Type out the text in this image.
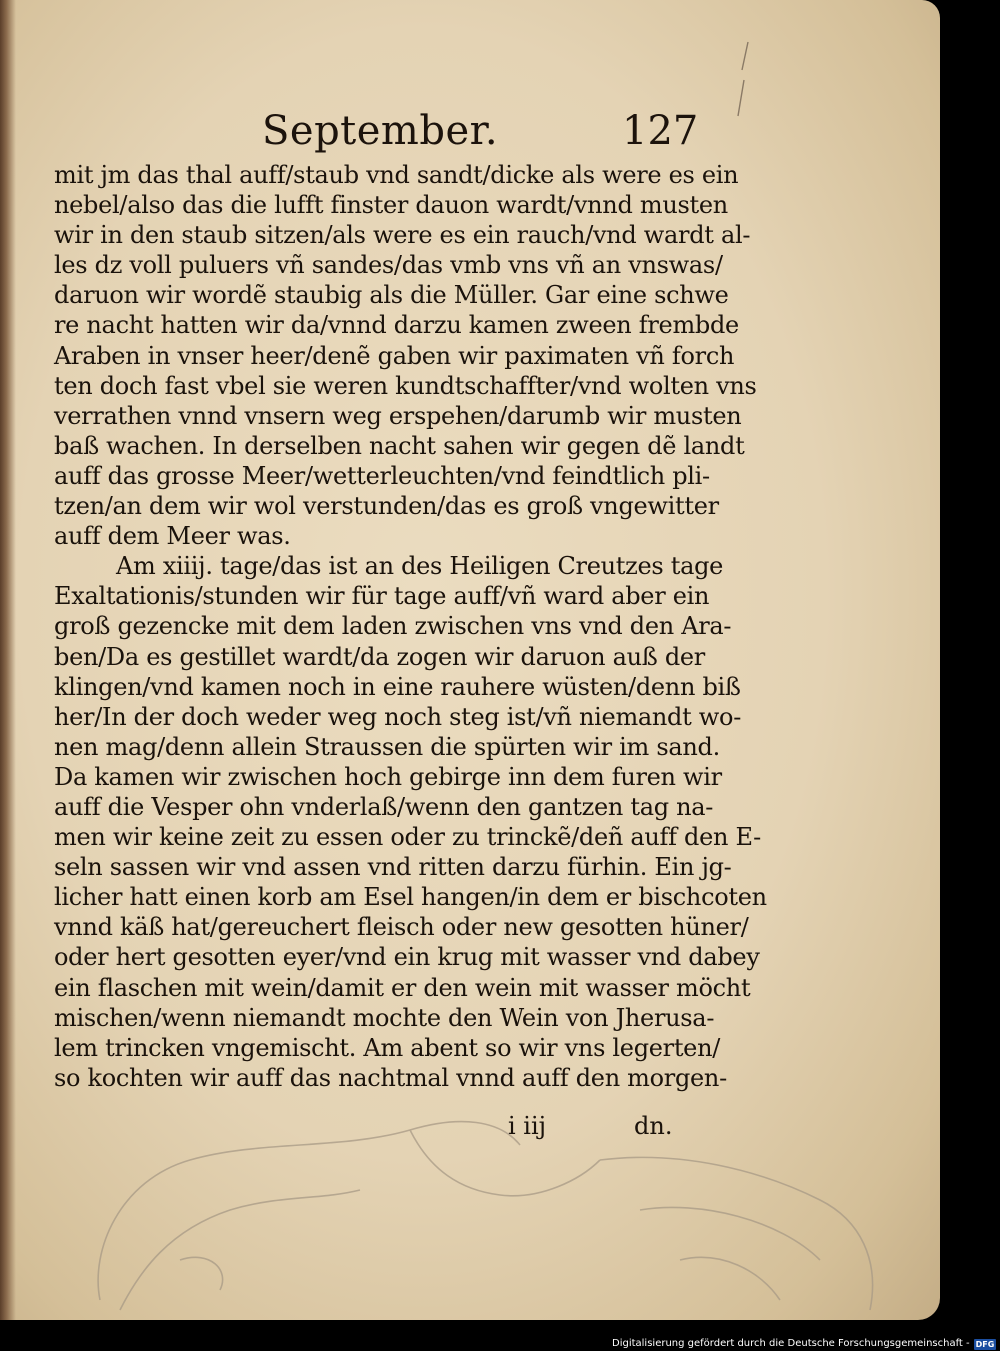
September.	127
mit jm das thal auff/staub vnd sandt/dicke als were es ein
nebel/also das die lufft finster dauon wardt/vnnd musten
wir in den staub sitzen/als were es ein rauch/vnd wardt al-
les dz voll puluers vñ sandes/das vmb vns vñ an vnswas/
daruon wir wordẽ staubig als die Müller. Gar eine schwe
re nacht hatten wir da/vnnd darzu kamen zween frembde
Araben in vnser heer/denẽ gaben wir paximaten vñ forch
ten doch fast vbel sie weren kundtschaffter/vnd wolten vns
verrathen vnnd vnsern weg erspehen/darumb wir musten
baß wachen. In derselben nacht sahen wir gegen dẽ landt
auff das grosse Meer/wetterleuchten/vnd feindtlich pli-
tzen/an dem wir wol verstunden/das es groß vngewitter
auff dem Meer was.
Am xiiij. tage/das ist an des Heiligen Creutzes tage
Exaltationis/stunden wir für tage auff/vñ ward aber ein
groß gezencke mit dem laden zwischen vns vnd den Ara-
ben/Da es gestillet wardt/da zogen wir daruon auß der
klingen/vnd kamen noch in eine rauhere wüsten/denn biß
her/In der doch weder weg noch steg ist/vñ niemandt wo-
nen mag/denn allein Straussen die spürten wir im sand.
Da kamen wir zwischen hoch gebirge inn dem furen wir
auff die Vesper ohn vnderlaß/wenn den gantzen tag na-
men wir keine zeit zu essen oder zu trinckẽ/deñ auff den E-
seln sassen wir vnd assen vnd ritten darzu fürhin. Ein jg-
licher hatt einen korb am Esel hangen/in dem er bischcoten
vnnd käß hat/gereuchert fleisch oder new gesotten hüner/
oder hert gesotten eyer/vnd ein krug mit wasser vnd dabey
ein flaschen mit wein/damit er den wein mit wasser möcht
mischen/wenn niemandt mochte den Wein von Jherusa-
lem trincken vngemischt. Am abent so wir vns legerten/
so kochten wir auff das nachtmal vnnd auff den morgen-
i iij	dn.
Digitalisierung gefördert durch die Deutsche Forschungsgemeinschaft - DFG
